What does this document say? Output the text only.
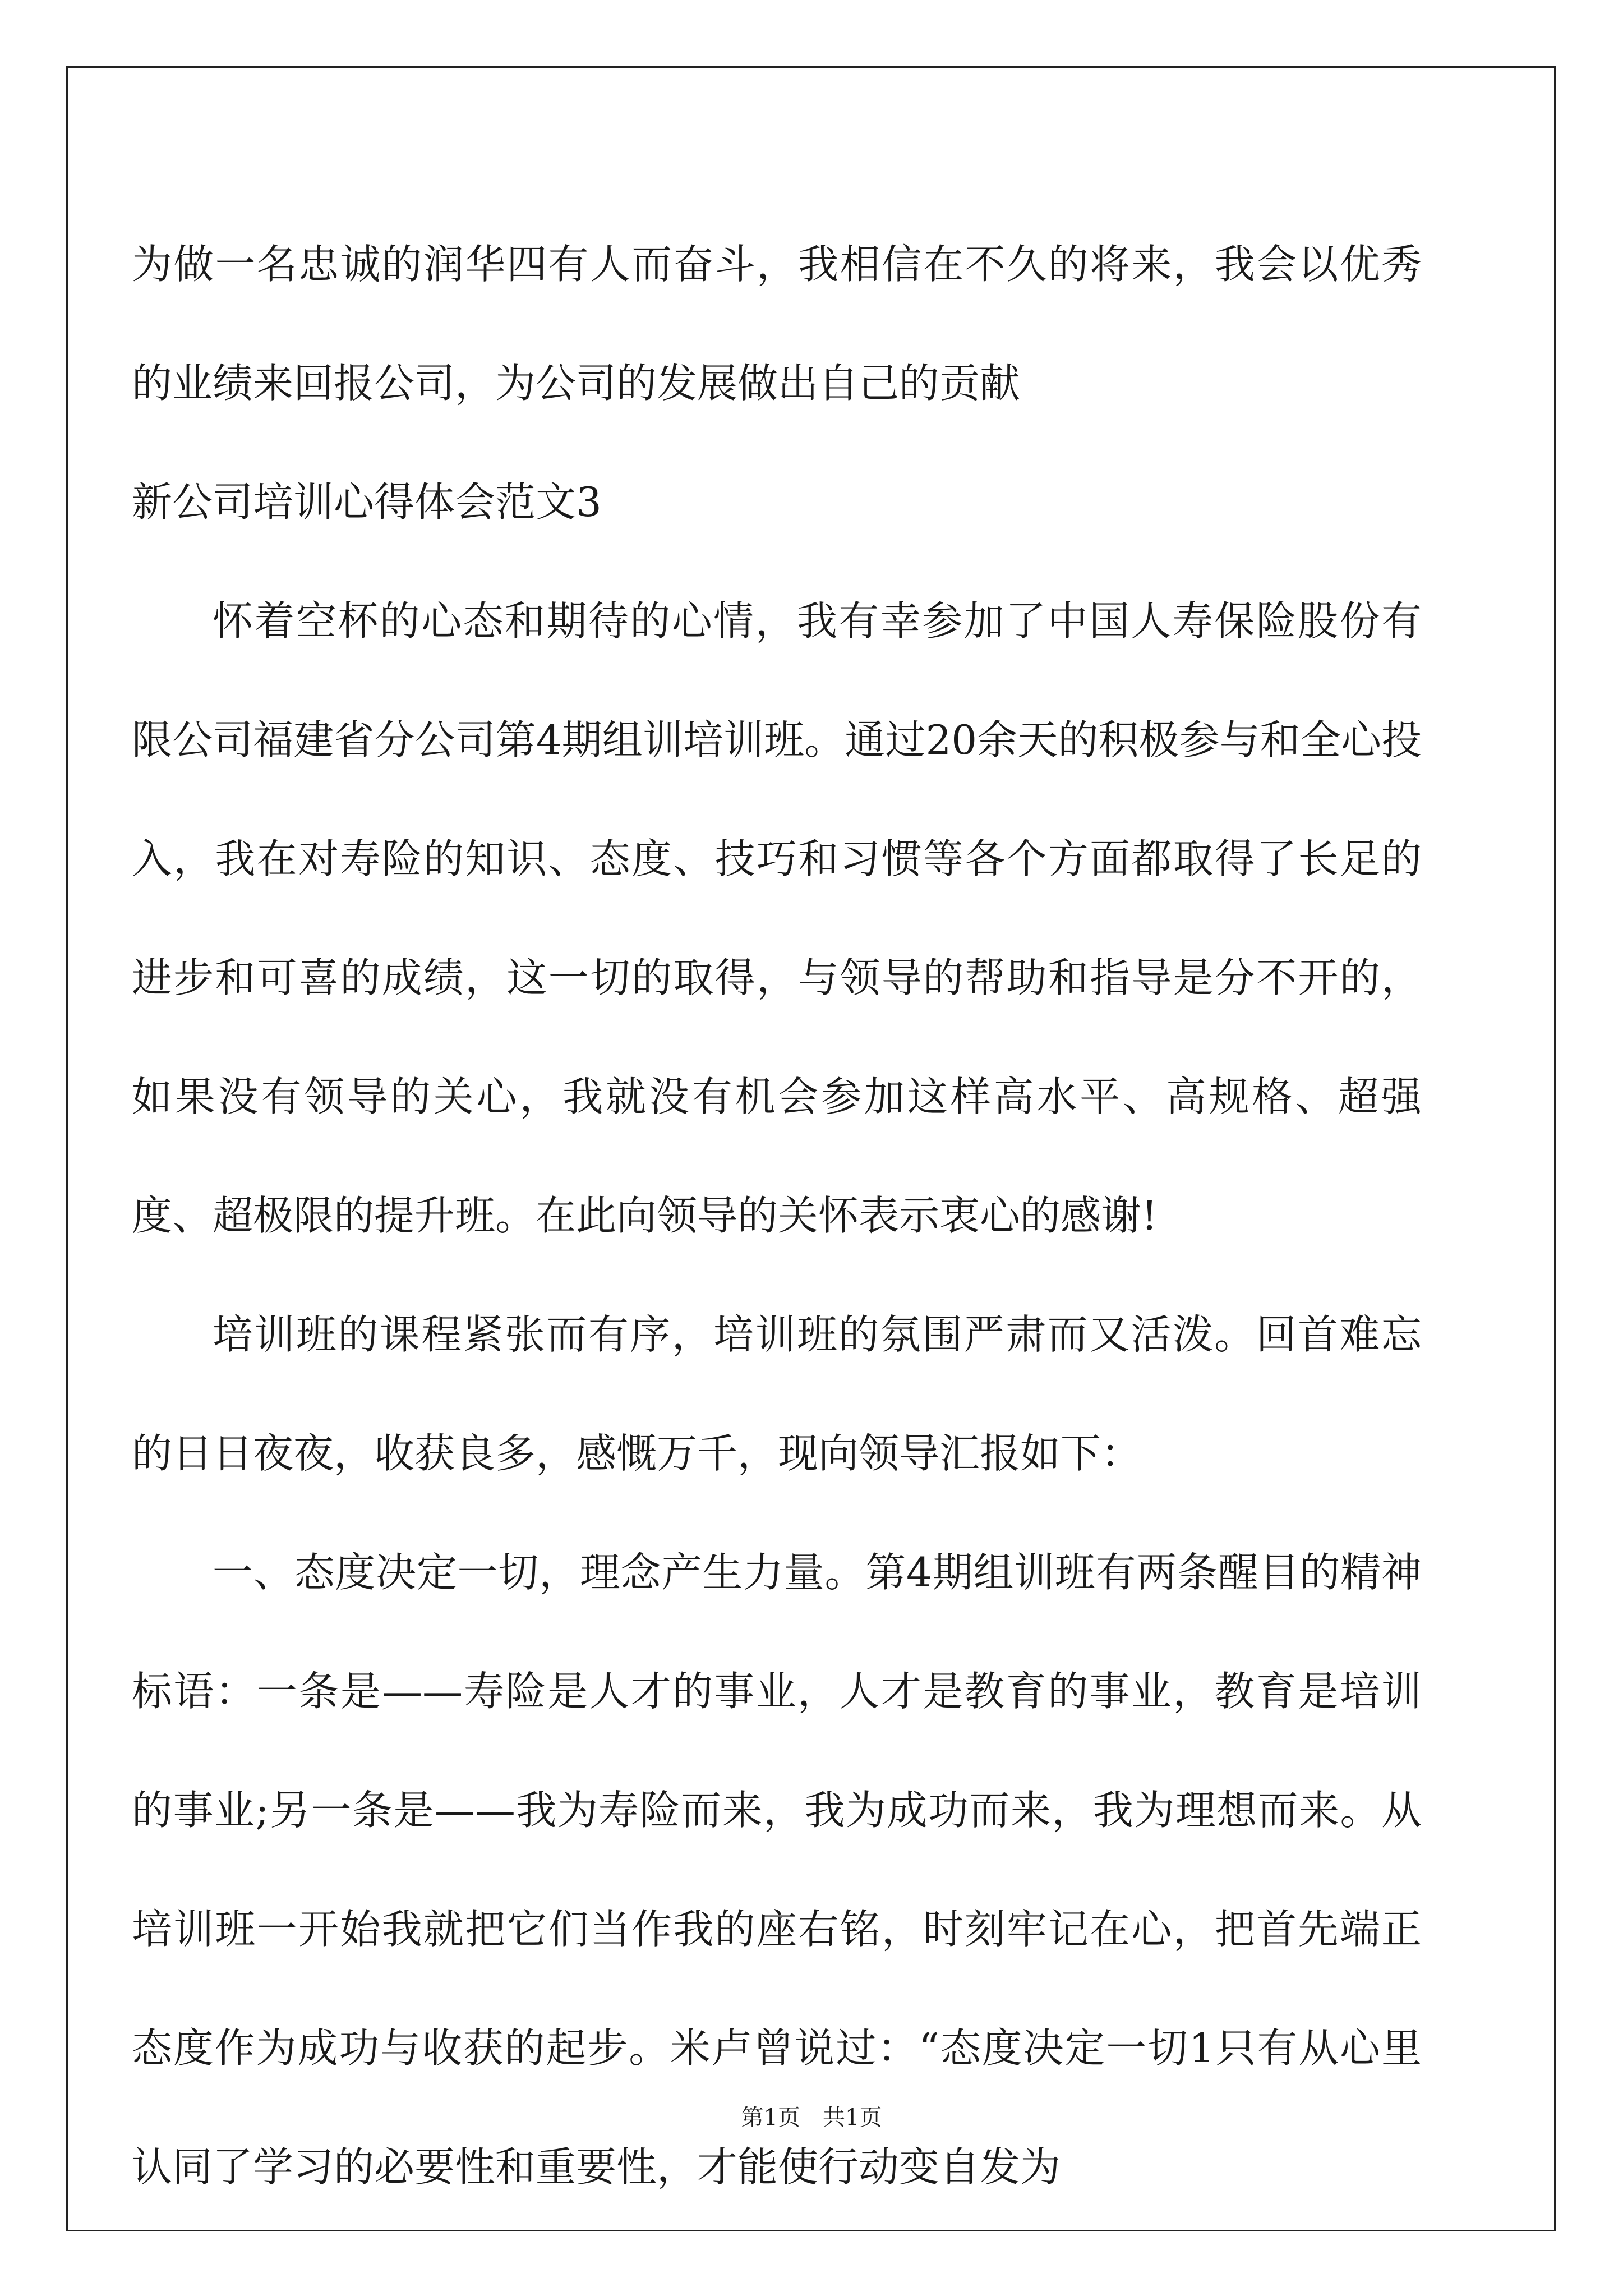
为做一名忠诚的润华四有人而奋斗，我相信在不久的将来，我会以优秀的业绩来回报公司，为公司的发展做出自己的贡献

新公司培训心得体会范文3

怀着空杯的心态和期待的心情，我有幸参加了中国人寿保险股份有限公司福建省分公司第4期组训培训班。通过20余天的积极参与和全心投入，我在对寿险的知识、态度、技巧和习惯等各个方面都取得了长足的进步和可喜的成绩，这一切的取得，与领导的帮助和指导是分不开的，如果没有领导的关心，我就没有机会参加这样高水平、高规格、超强度、超极限的提升班。在此向领导的关怀表示衷心的感谢!

培训班的课程紧张而有序，培训班的氛围严肃而又活泼。回首难忘的日日夜夜，收获良多，感慨万千，现向领导汇报如下：

一、态度决定一切，理念产生力量。第4期组训班有两条醒目的精神标语：一条是——寿险是人才的事业，人才是教育的事业，教育是培训的事业;另一条是——我为寿险而来，我为成功而来，我为理想而来。从培训班一开始我就把它们当作我的座右铭，时刻牢记在心，把首先端正态度作为成功与收获的起步。米卢曾说过：“态度决定一切1只有从心里认同了学习的必要性和重要性，才能使行动变自发为

第1页 共1页
